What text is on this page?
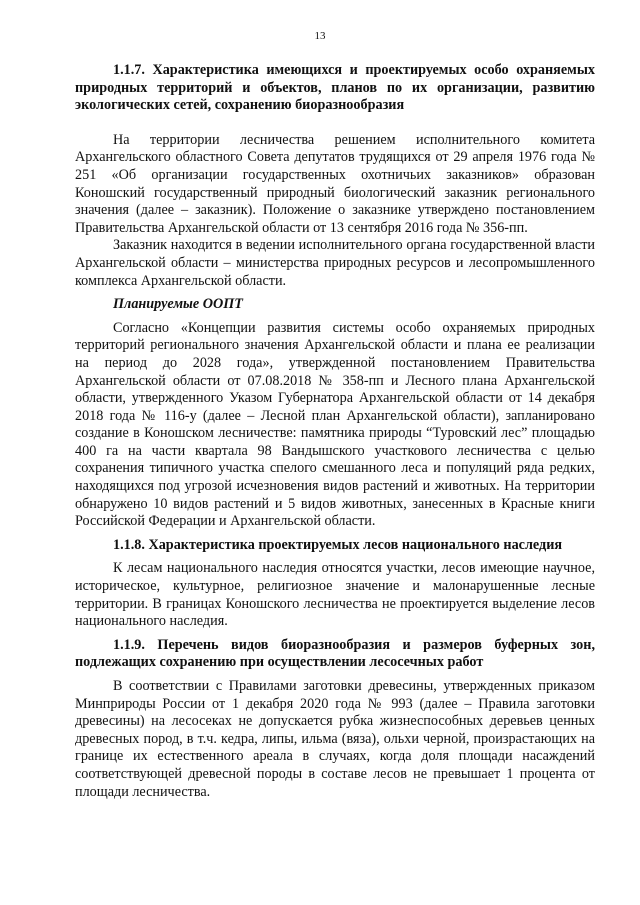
13

1.1.7. Характеристика имеющихся и проектируемых особо охраняемых природных территорий и объектов, планов по их организации, развитию экологических сетей, сохранению биоразнообразия

На территории лесничества решением исполнительного комитета Архангельского областного Совета депутатов трудящихся от 29 апреля 1976 года № 251 «Об организации государственных охотничьих заказников» образован Коношский государственный природный биологический заказник регионального значения (далее – заказник). Положение о заказнике утверждено постановлением Правительства Архангельской области от 13 сентября 2016 года № 356-пп.

Заказник находится в ведении исполнительного органа государственной власти Архангельской области – министерства природных ресурсов и лесопромышленного комплекса Архангельской области.

Планируемые ООПТ

Согласно «Концепции развития системы особо охраняемых природных территорий регионального значения Архангельской области и плана ее реализации на период до 2028 года», утвержденной постановлением Правительства Архангельской области от 07.08.2018 № 358-пп и Лесного плана Архангельской области, утвержденного Указом Губернатора Архангельской области от 14 декабря 2018 года № 116-у (далее – Лесной план Архангельской области), запланировано создание в Коношском лесничестве: памятника природы “Туровский лес” площадью 400 га на части квартала 98 Вандышского участкового лесничества с целью сохранения типичного участка спелого смешанного леса и популяций ряда редких, находящихся под угрозой исчезновения видов растений и животных. На территории обнаружено 10 видов растений и 5 видов животных, занесенных в Красные книги Российской Федерации и Архангельской области.

1.1.8. Характеристика проектируемых лесов национального наследия

К лесам национального наследия относятся участки, лесов имеющие научное, историческое, культурное, религиозное значение и малонарушенные лесные территории. В границах Коношского лесничества не проектируется выделение лесов национального наследия.

1.1.9. Перечень видов биоразнообразия и размеров буферных зон, подлежащих сохранению при осуществлении лесосечных работ

В соответствии с Правилами заготовки древесины, утвержденных приказом Минприроды России от 1 декабря 2020 года № 993 (далее – Правила заготовки древесины) на лесосеках не допускается рубка жизнеспособных деревьев ценных древесных пород, в т.ч. кедра, липы, ильма (вяза), ольхи черной, произрастающих на границе их естественного ареала в случаях, когда доля площади насаждений соответствующей древесной породы в составе лесов не превышает 1 процента от площади лесничества.
